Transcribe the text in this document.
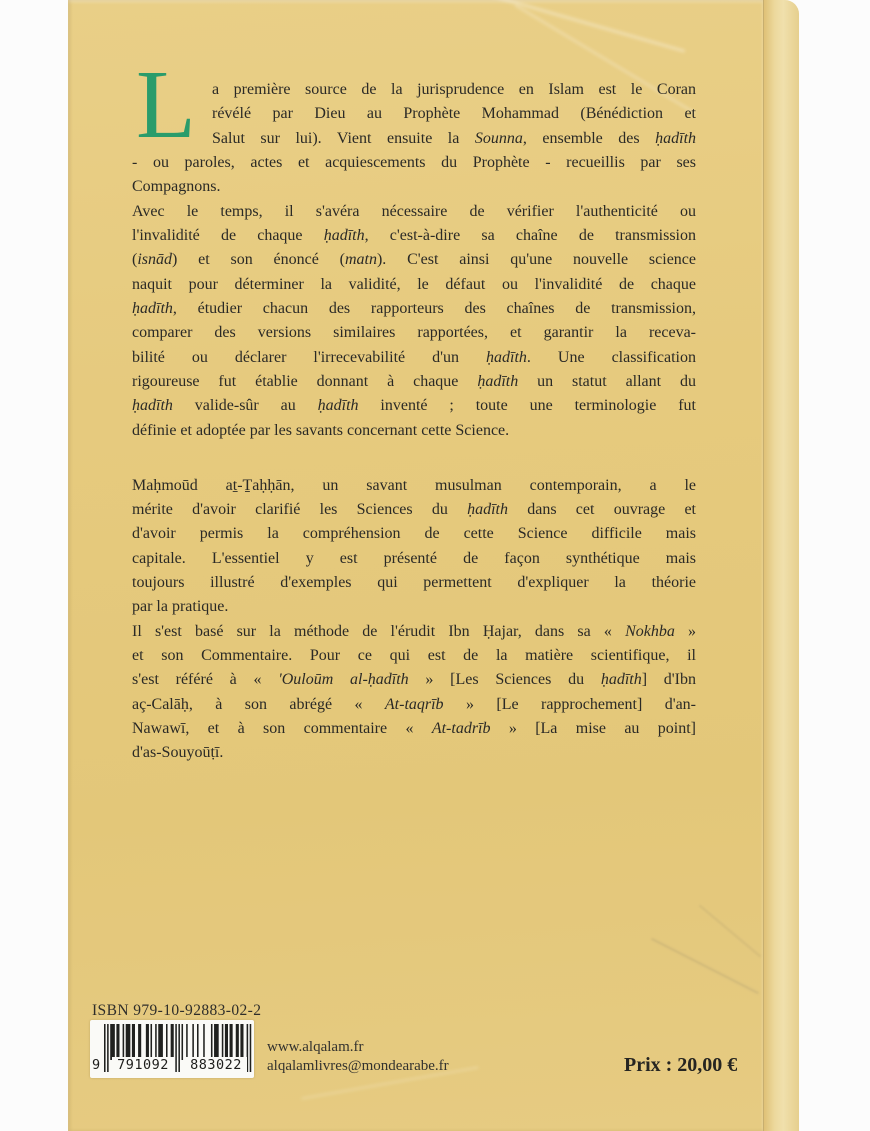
L	a première source de la jurisprudence en Islam est le Coran
révélé par Dieu au Prophète Mohammad (Bénédiction et
Salut sur lui). Vient ensuite la Sounna, ensemble des ḥadīth
- ou paroles, actes et acquiescements du Prophète - recueillis par ses
Compagnons.
Avec le temps, il s'avéra nécessaire de vérifier l'authenticité ou
l'invalidité de chaque ḥadīth, c'est-à-dire sa chaîne de transmission
(isnād) et son énoncé (matn). C'est ainsi qu'une nouvelle science
naquit pour déterminer la validité, le défaut ou l'invalidité de chaque
ḥadīth, étudier chacun des rapporteurs des chaînes de transmission,
comparer des versions similaires rapportées, et garantir la receva-
bilité ou déclarer l'irrecevabilité d'un ḥadīth. Une classification
rigoureuse fut établie donnant à chaque ḥadīth un statut allant du
ḥadīth valide-sûr au ḥadīth inventé ; toute une terminologie fut
définie et adoptée par les savants concernant cette Science.
Maḥmoūd aṯ-Ṯaḥḥān, un savant musulman contemporain, a le
mérite d'avoir clarifié les Sciences du ḥadīth dans cet ouvrage et
d'avoir permis la compréhension de cette Science difficile mais
capitale. L'essentiel y est présenté de façon synthétique mais
toujours illustré d'exemples qui permettent d'expliquer la théorie
par la pratique.
Il s'est basé sur la méthode de l'érudit Ibn Ḥajar, dans sa « Nokhba »
et son Commentaire. Pour ce qui est de la matière scientifique, il
s'est référé à « 'Ouloūm al-ḥadīth » [Les Sciences du ḥadīth] d'Ibn
aç-Calāḥ, à son abrégé « At-taqrīb » [Le rapprochement] d'an-
Nawawī, et à son commentaire « At-tadrīb » [La mise au point]
d'as-Souyoūṭī.
ISBN 979-10-92883-02-2
9	791092	883022
www.alqalam.fr
alqalamlivres@mondearabe.fr	Prix : 20,00 €
